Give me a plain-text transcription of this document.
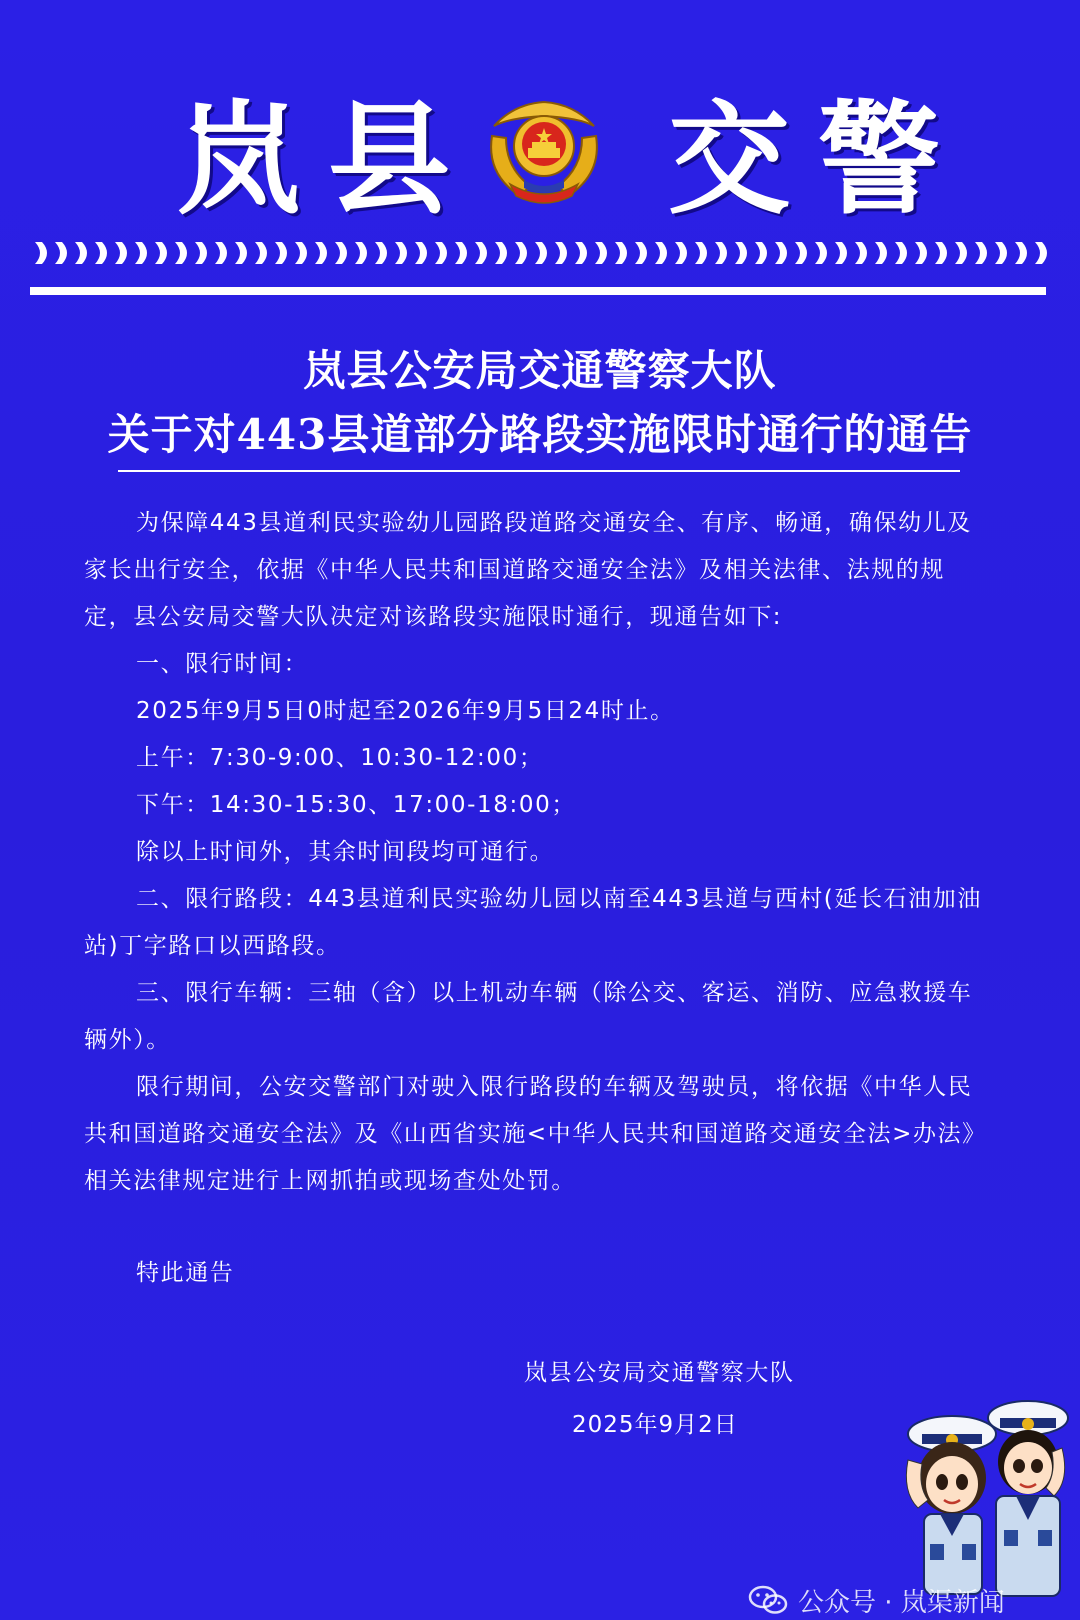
岚县 交警
岚县公安局交通警察大队
关于对443县道部分路段实施限时通行的通告

为保障443县道利民实验幼儿园路段道路交通安全、有序、畅通，确保幼儿及家长出行安全，依据《中华人民共和国道路交通安全法》及相关法律、法规的规定，县公安局交警大队决定对该路段实施限时通行，现通告如下:

一、限行时间：

2025年9月5日0时起至2026年9月5日24时止。

上午：7:30-9:00、10:30-12:00；

下午：14:30-15:30、17:00-18:00；

除以上时间外，其余时间段均可通行。

二、限行路段：443县道利民实验幼儿园以南至443县道与西村(延长石油加油站)丁字路口以西路段。

三、限行车辆：三轴（含）以上机动车辆（除公交、客运、消防、应急救援车辆外）。

限行期间，公安交警部门对驶入限行路段的车辆及驾驶员，将依据《中华人民共和国道路交通安全法》及《山西省实施<中华人民共和国道路交通安全法>办法》相关法律规定进行上网抓拍或现场查处处罚。

特此通告

岚县公安局交通警察大队
2025年9月2日
公众号 · 岚渠新闻
